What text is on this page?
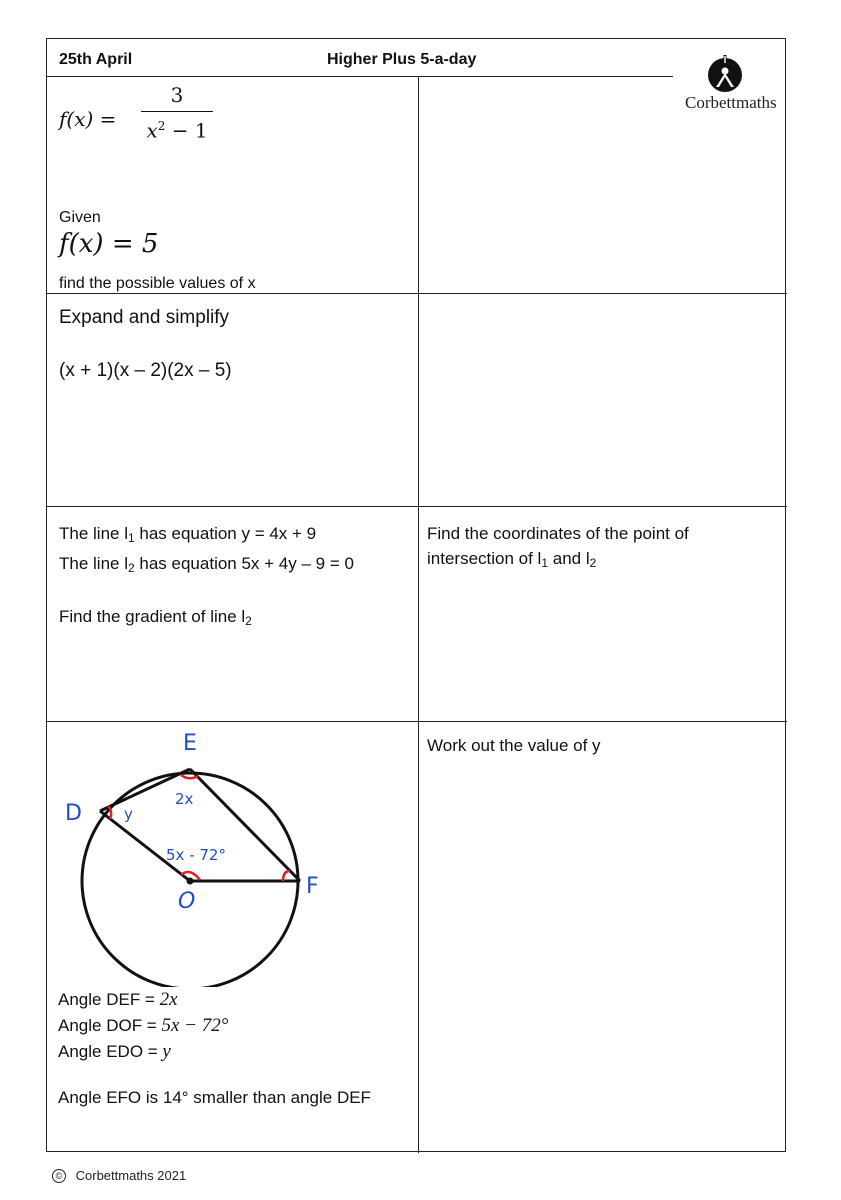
25th April	Higher Plus 5-a-day
Corbettmaths
f(x) =
3
$x^2 - 1$
Given
f(x) = 5
find the possible values of x
Expand and simplify
(x + 1)(x – 2)(2x – 5)
The line $l_1$ has equation y = 4x + 9
The line $l_2$ has equation 5x + 4y – 9 = 0
Find the gradient of line $l_2$
Find the coordinates of the point of
intersection of $l_1$ and $l_2$
E
2x
D	y
5x - 72°
O
F
Angle DEF = 2x
Angle DOF = 5x − 72°
Angle EDO = y
Angle EFO is 14° smaller than angle DEF
Work out the value of y
© Corbettmaths 2021
